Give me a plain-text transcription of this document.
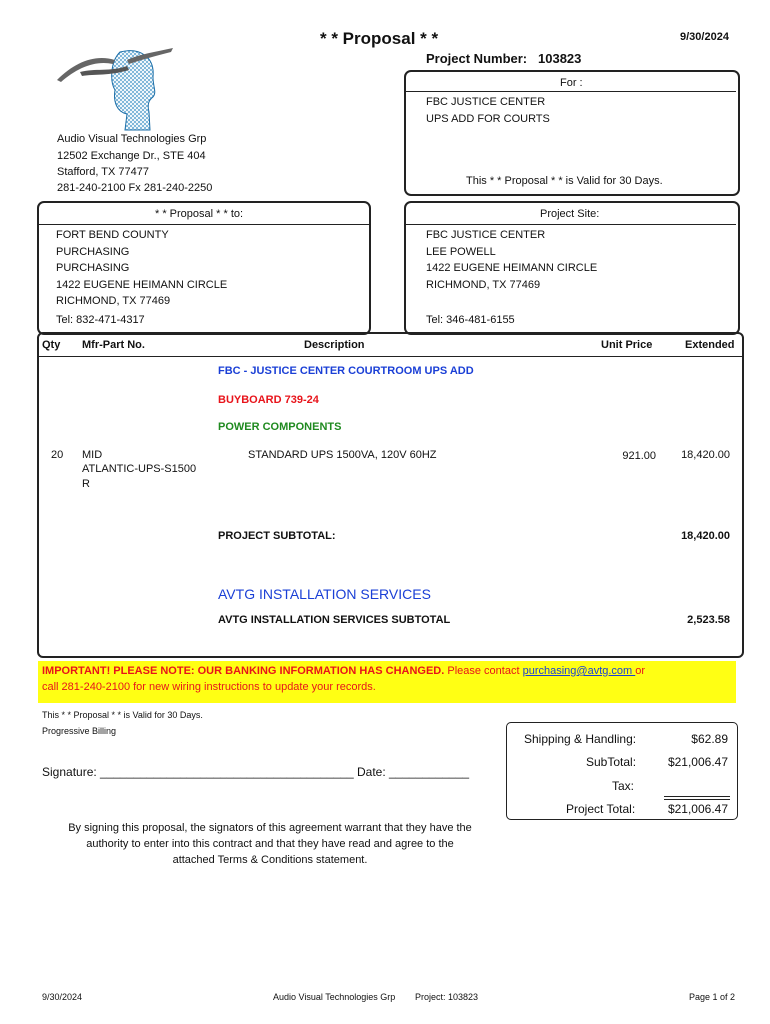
* * Proposal * *	9/30/2024
Project Number: 103823
Audio Visual Technologies Grp
12502 Exchange Dr., STE 404
Stafford, TX 77477
281-240-2100 Fx 281-240-2250
For :
FBC JUSTICE CENTER
UPS ADD FOR COURTS
This * * Proposal * * is Valid for 30 Days.
* * Proposal * * to:
FORT BEND COUNTY
PURCHASING
PURCHASING
1422 EUGENE HEIMANN CIRCLE
RICHMOND, TX 77469
Tel: 832-471-4317
Project Site:
FBC JUSTICE CENTER
LEE POWELL
1422 EUGENE HEIMANN CIRCLE
RICHMOND, TX 77469
Tel: 346-481-6155
Qty Mfr-Part No.	Description	Unit Price	Extended
FBC - JUSTICE CENTER COURTROOM UPS ADD
BUYBOARD 739-24
POWER COMPONENTS
20 MID
ATLANTIC-UPS-S1500
R
STANDARD UPS 1500VA, 120V 60HZ	921.00	18,420.00
PROJECT SUBTOTAL:	18,420.00
AVTG INSTALLATION SERVICES
AVTG INSTALLATION SERVICES SUBTOTAL	2,523.58
IMPORTANT! PLEASE NOTE: OUR BANKING INFORMATION HAS CHANGED. Please contact purchasing@avtg.com or
call 281-240-2100 for new wiring instructions to update your records.
This * * Proposal * * is Valid for 30 Days.
Progressive Billing
Signature: ______________________________________ Date: ____________
Shipping & Handling:	$62.89
SubTotal:	$21,006.47
Tax:
Project Total:	$21,006.47
By signing this proposal, the signators of this agreement warrant that they have the
authority to enter into this contract and that they have read and agree to the
attached Terms & Conditions statement.
9/30/2024	Audio Visual Technologies Grp Project: 103823	Page 1 of 2
